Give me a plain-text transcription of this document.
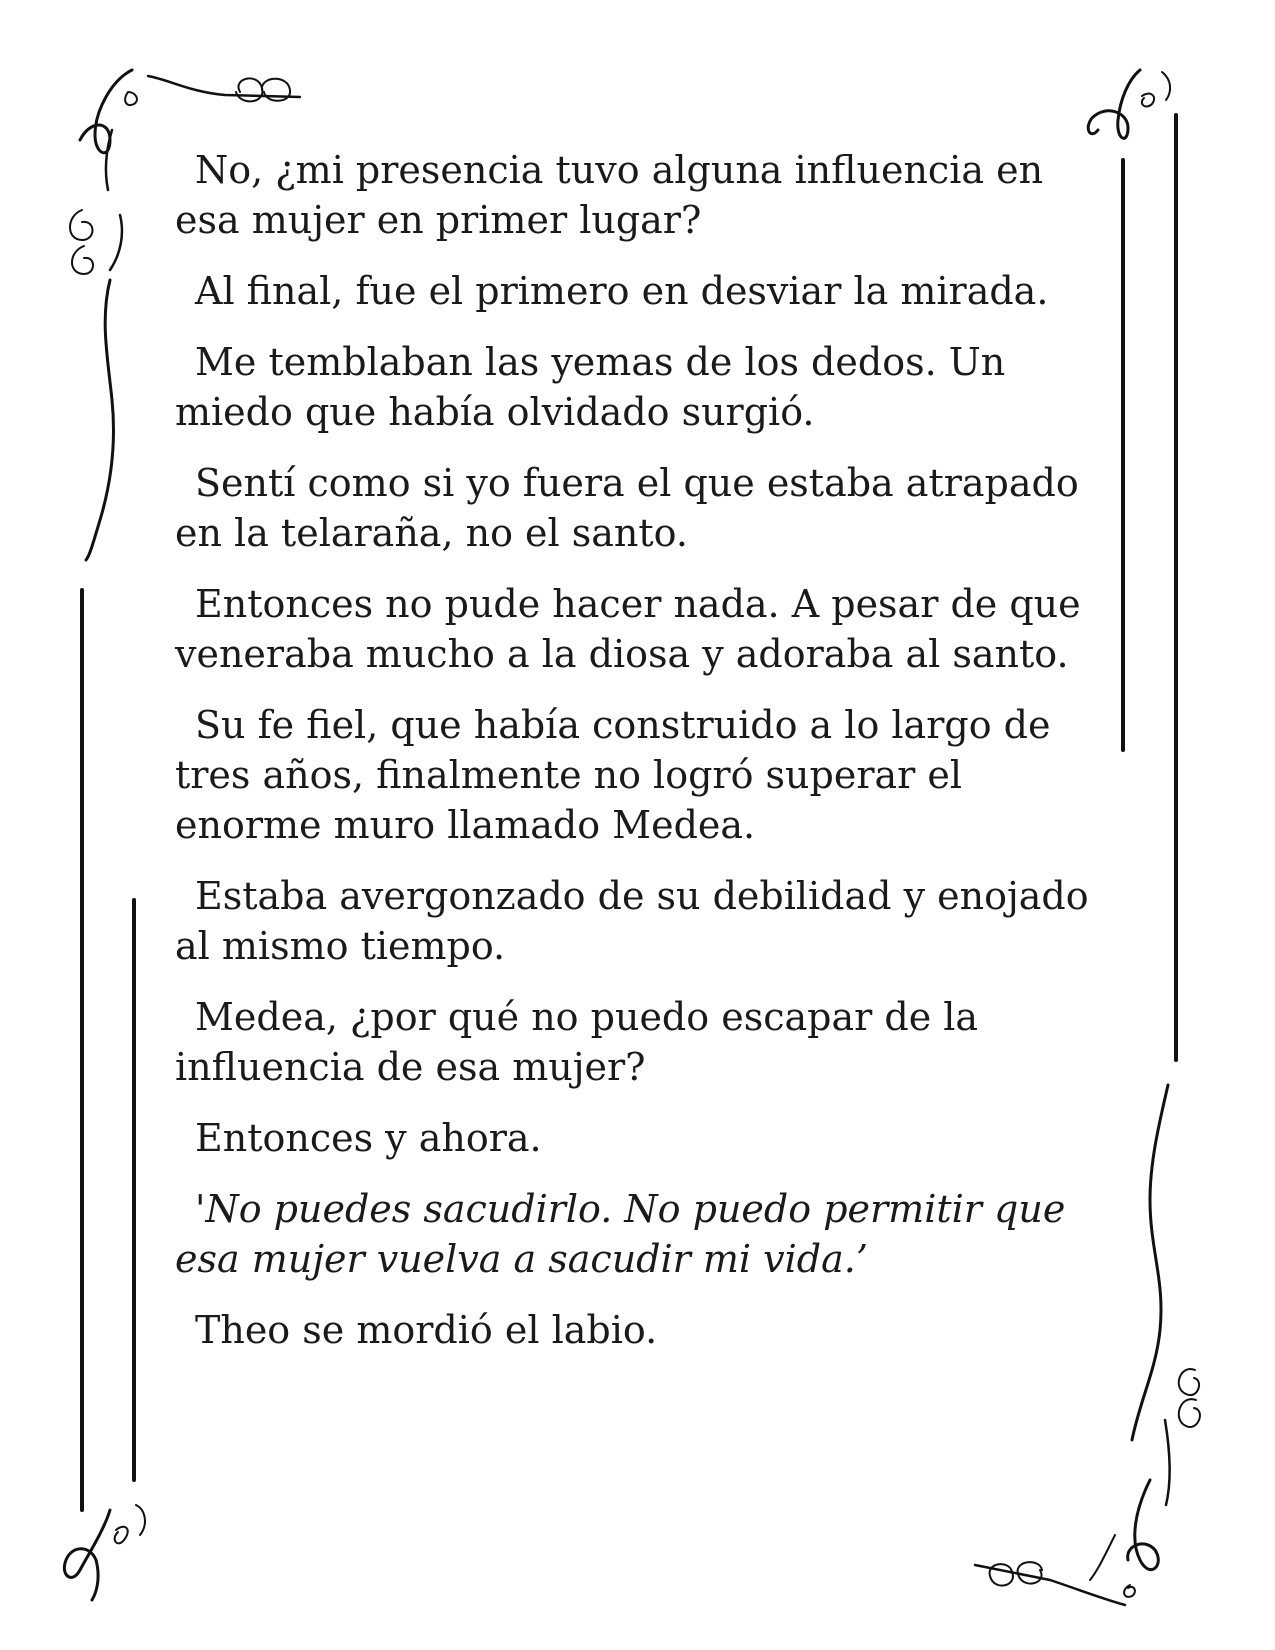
No, ¿mi presencia tuvo alguna influencia en esa mujer en primer lugar?

Al final, fue el primero en desviar la mirada.

Me temblaban las yemas de los dedos. Un miedo que había olvidado surgió.

Sentí como si yo fuera el que estaba atrapado en la telaraña, no el santo.

Entonces no pude hacer nada. A pesar de que veneraba mucho a la diosa y adoraba al santo.

Su fe fiel, que había construido a lo largo de tres años, finalmente no logró superar el enorme muro llamado Medea.

Estaba avergonzado de su debilidad y enojado al mismo tiempo.

Medea, ¿por qué no puedo escapar de la influencia de esa mujer?

Entonces y ahora.

'No puedes sacudirlo. No puedo permitir que esa mujer vuelva a sacudir mi vida.’

Theo se mordió el labio.
